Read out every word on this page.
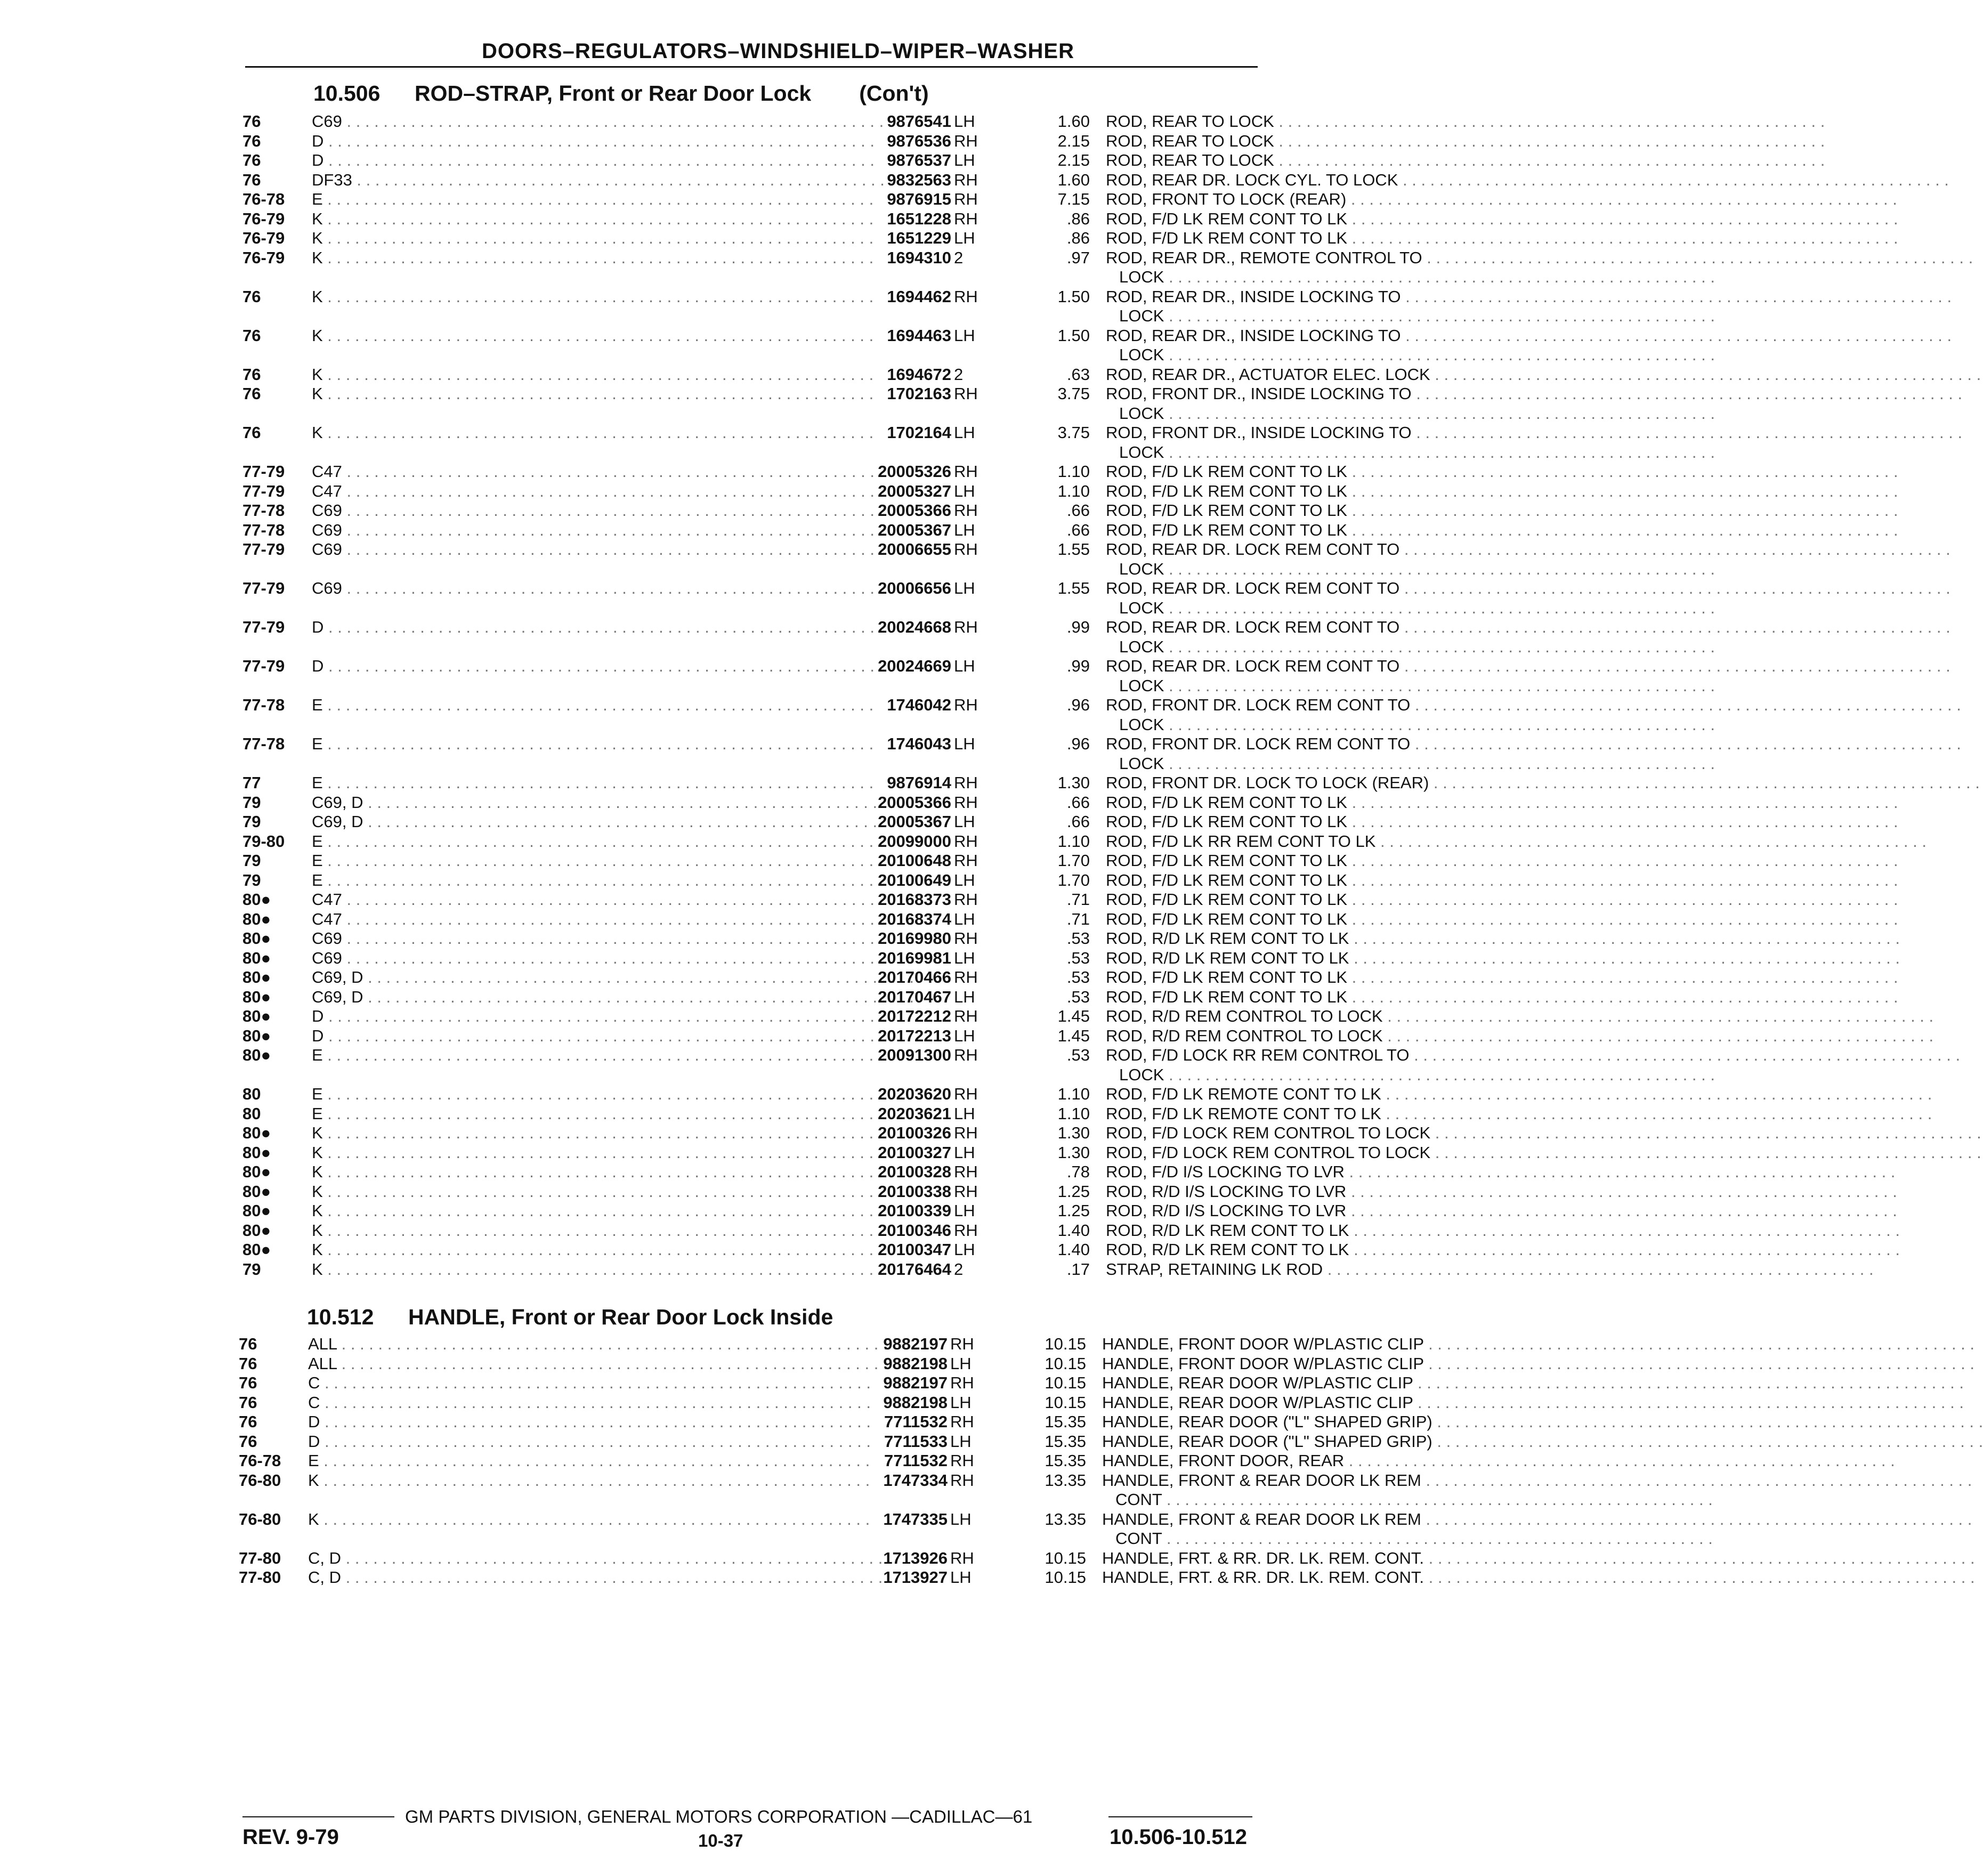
DOORS–REGULATORS–WINDSHIELD–WIPER–WASHER
10.506 ROD–STRAP, Front or Rear Door Lock (Con't)
76	C69 . . .	9876541 LH	1.60 ROD, REAR TO LOCK . . .
76	D . . .	9876536 RH	2.15 ROD, REAR TO LOCK . . .
76	D . . .	9876537 LH	2.15 ROD, REAR TO LOCK . . .
76	DF33 . . .	9832563 RH	1.60 ROD, REAR DR. LOCK CYL. TO LOCK . . .
76-78	E . . .	9876915 RH	7.15 ROD, FRONT TO LOCK (REAR) . . .
76-79	K . . .	1651228 RH	.86 ROD, F/D LK REM CONT TO LK . . .
76-79	K . . .	1651229 LH	.86 ROD, F/D LK REM CONT TO LK . . .
76-79	K . . .	1694310 2	.97 ROD, REAR DR., REMOTE CONTROL TO . . .
LOCK . . .
76	K . . .	1694462 RH	1.50 ROD, REAR DR., INSIDE LOCKING TO . . .
LOCK . . .
76	K . . .	1694463 LH	1.50 ROD, REAR DR., INSIDE LOCKING TO . . .
LOCK . . .
76	K . . .	1694672 2	.63 ROD, REAR DR., ACTUATOR ELEC. LOCK . . .
76	K . . .	1702163 RH	3.75 ROD, FRONT DR., INSIDE LOCKING TO . . .
LOCK . . .
76	K . . .	1702164 LH	3.75 ROD, FRONT DR., INSIDE LOCKING TO . . .
LOCK . . .
77-79	C47 . . .	20005326 RH	1.10 ROD, F/D LK REM CONT TO LK . . .
77-79	C47 . . .	20005327 LH	1.10 ROD, F/D LK REM CONT TO LK . . .
77-78	C69 . . .	20005366 RH	.66 ROD, F/D LK REM CONT TO LK . . .
77-78	C69 . . .	20005367 LH	.66 ROD, F/D LK REM CONT TO LK . . .
77-79	C69 . . .	20006655 RH	1.55 ROD, REAR DR. LOCK REM CONT TO . . .
LOCK . . .
77-79	C69 . . .	20006656 LH	1.55 ROD, REAR DR. LOCK REM CONT TO . . .
LOCK . . .
77-79	D . . .	20024668 RH	.99 ROD, REAR DR. LOCK REM CONT TO . . .
LOCK . . .
77-79	D . . .	20024669 LH	.99 ROD, REAR DR. LOCK REM CONT TO . . .
LOCK . . .
77-78	E . . .	1746042 RH	.96 ROD, FRONT DR. LOCK REM CONT TO . . .
LOCK . . .
77-78	E . . .	1746043 LH	.96 ROD, FRONT DR. LOCK REM CONT TO . . .
LOCK . . .
77	E . . .	9876914 RH	1.30 ROD, FRONT DR. LOCK TO LOCK (REAR) . . .
79	C69, D . . .	20005366 RH	.66 ROD, F/D LK REM CONT TO LK . . .
79	C69, D . . .	20005367 LH	.66 ROD, F/D LK REM CONT TO LK . . .
79-80	E . . .	20099000 RH	1.10 ROD, F/D LK RR REM CONT TO LK . . .
79	E . . .	20100648 RH	1.70 ROD, F/D LK REM CONT TO LK . . .
79	E . . .	20100649 LH	1.70 ROD, F/D LK REM CONT TO LK . . .
80●	C47 . . .	20168373 RH	.71 ROD, F/D LK REM CONT TO LK . . .
80●	C47 . . .	20168374 LH	.71 ROD, F/D LK REM CONT TO LK . . .
80●	C69 . . .	20169980 RH	.53 ROD, R/D LK REM CONT TO LK . . .
80●	C69 . . .	20169981 LH	.53 ROD, R/D LK REM CONT TO LK . . .
80●	C69, D . . .	20170466 RH	.53 ROD, F/D LK REM CONT TO LK . . .
80●	C69, D . . .	20170467 LH	.53 ROD, F/D LK REM CONT TO LK . . .
80●	D . . .	20172212 RH	1.45 ROD, R/D REM CONTROL TO LOCK . . .
80●	D . . .	20172213 LH	1.45 ROD, R/D REM CONTROL TO LOCK . . .
80●	E . . .	20091300 RH	.53 ROD, F/D LOCK RR REM CONTROL TO . . .
LOCK . . .
80	E . . .	20203620 RH	1.10 ROD, F/D LK REMOTE CONT TO LK . . .
80	E . . .	20203621 LH	1.10 ROD, F/D LK REMOTE CONT TO LK . . .
80●	K . . .	20100326 RH	1.30 ROD, F/D LOCK REM CONTROL TO LOCK . . .
80●	K . . .	20100327 LH	1.30 ROD, F/D LOCK REM CONTROL TO LOCK . . .
80●	K . . .	20100328 RH	.78 ROD, F/D I/S LOCKING TO LVR . . .
80●	K . . .	20100338 RH	1.25 ROD, R/D I/S LOCKING TO LVR . . .
80●	K . . .	20100339 LH	1.25 ROD, R/D I/S LOCKING TO LVR . . .
80●	K . . .	20100346 RH	1.40 ROD, R/D LK REM CONT TO LK . . .
80●	K . . .	20100347 LH	1.40 ROD, R/D LK REM CONT TO LK . . .
79	K . . .	20176464 2	.17 STRAP, RETAINING LK ROD . . .
10.512 HANDLE, Front or Rear Door Lock Inside
76	ALL . . .	9882197 RH	10.15 HANDLE, FRONT DOOR W/PLASTIC CLIP . . .
76	ALL . . .	9882198 LH	10.15 HANDLE, FRONT DOOR W/PLASTIC CLIP . . .
76	C . . .	9882197 RH	10.15 HANDLE, REAR DOOR W/PLASTIC CLIP . . .
76	C . . .	9882198 LH	10.15 HANDLE, REAR DOOR W/PLASTIC CLIP . . .
76	D . . .	7711532 RH	15.35 HANDLE, REAR DOOR ("L" SHAPED GRIP) . . .
76	D . . .	7711533 LH	15.35 HANDLE, REAR DOOR ("L" SHAPED GRIP) . . .
76-78	E . . .	7711532 RH	15.35 HANDLE, FRONT DOOR, REAR . . .
76-80	K . . .	1747334 RH	13.35 HANDLE, FRONT & REAR DOOR LK REM . . .
CONT . . .
76-80	K . . .	1747335 LH	13.35 HANDLE, FRONT & REAR DOOR LK REM . . .
CONT . . .
77-80	C, D . . .	1713926 RH	10.15 HANDLE, FRT. & RR. DR. LK. REM. CONT. . . .
77-80	C, D . . .	1713927 LH	10.15 HANDLE, FRT. & RR. DR. LK. REM. CONT. . . .
GM PARTS DIVISION, GENERAL MOTORS CORPORATION —CADILLAC—61
REV. 9-79	10-37	10.506-10.512
